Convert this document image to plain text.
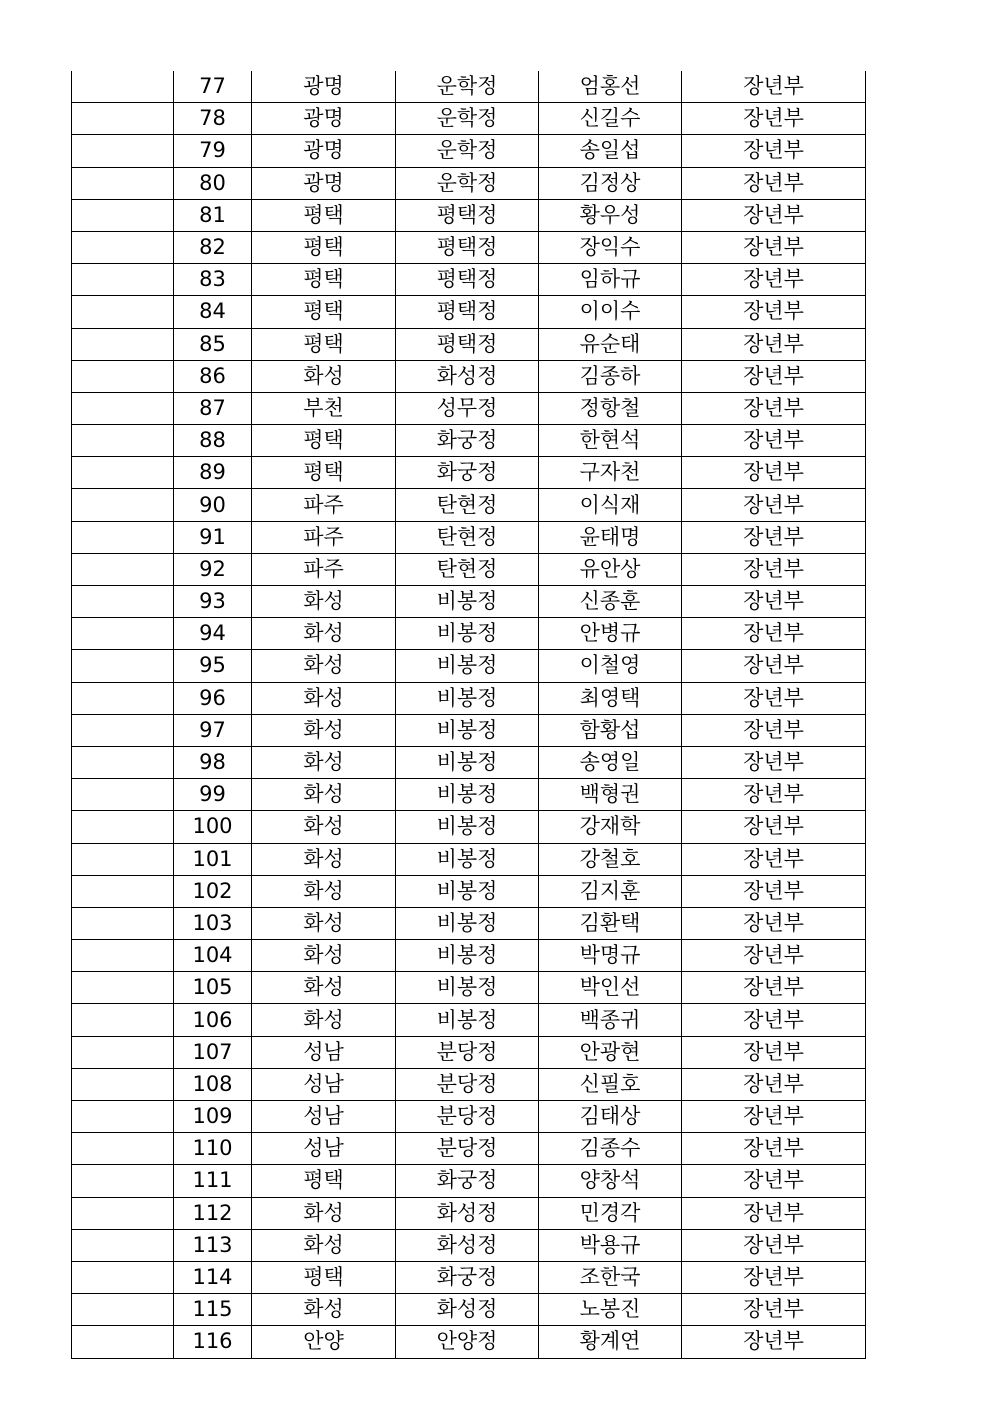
	77	광명	운학정	엄홍선	장년부
	78	광명	운학정	신길수	장년부
	79	광명	운학정	송일섭	장년부
	80	광명	운학정	김정상	장년부
	81	평택	평택정	황우성	장년부
	82	평택	평택정	장익수	장년부
	83	평택	평택정	임하규	장년부
	84	평택	평택정	이이수	장년부
	85	평택	평택정	유순태	장년부
	86	화성	화성정	김종하	장년부
	87	부천	성무정	정항철	장년부
	88	평택	화궁정	한현석	장년부
	89	평택	화궁정	구자천	장년부
	90	파주	탄현정	이식재	장년부
	91	파주	탄현정	윤태명	장년부
	92	파주	탄현정	유안상	장년부
	93	화성	비봉정	신종훈	장년부
	94	화성	비봉정	안병규	장년부
	95	화성	비봉정	이철영	장년부
	96	화성	비봉정	최영택	장년부
	97	화성	비봉정	함황섭	장년부
	98	화성	비봉정	송영일	장년부
	99	화성	비봉정	백형권	장년부
	100	화성	비봉정	강재학	장년부
	101	화성	비봉정	강철호	장년부
	102	화성	비봉정	김지훈	장년부
	103	화성	비봉정	김환택	장년부
	104	화성	비봉정	박명규	장년부
	105	화성	비봉정	박인선	장년부
	106	화성	비봉정	백종귀	장년부
	107	성남	분당정	안광현	장년부
	108	성남	분당정	신필호	장년부
	109	성남	분당정	김태상	장년부
	110	성남	분당정	김종수	장년부
	111	평택	화궁정	양창석	장년부
	112	화성	화성정	민경각	장년부
	113	화성	화성정	박용규	장년부
	114	평택	화궁정	조한국	장년부
	115	화성	화성정	노봉진	장년부
	116	안양	안양정	황계연	장년부
